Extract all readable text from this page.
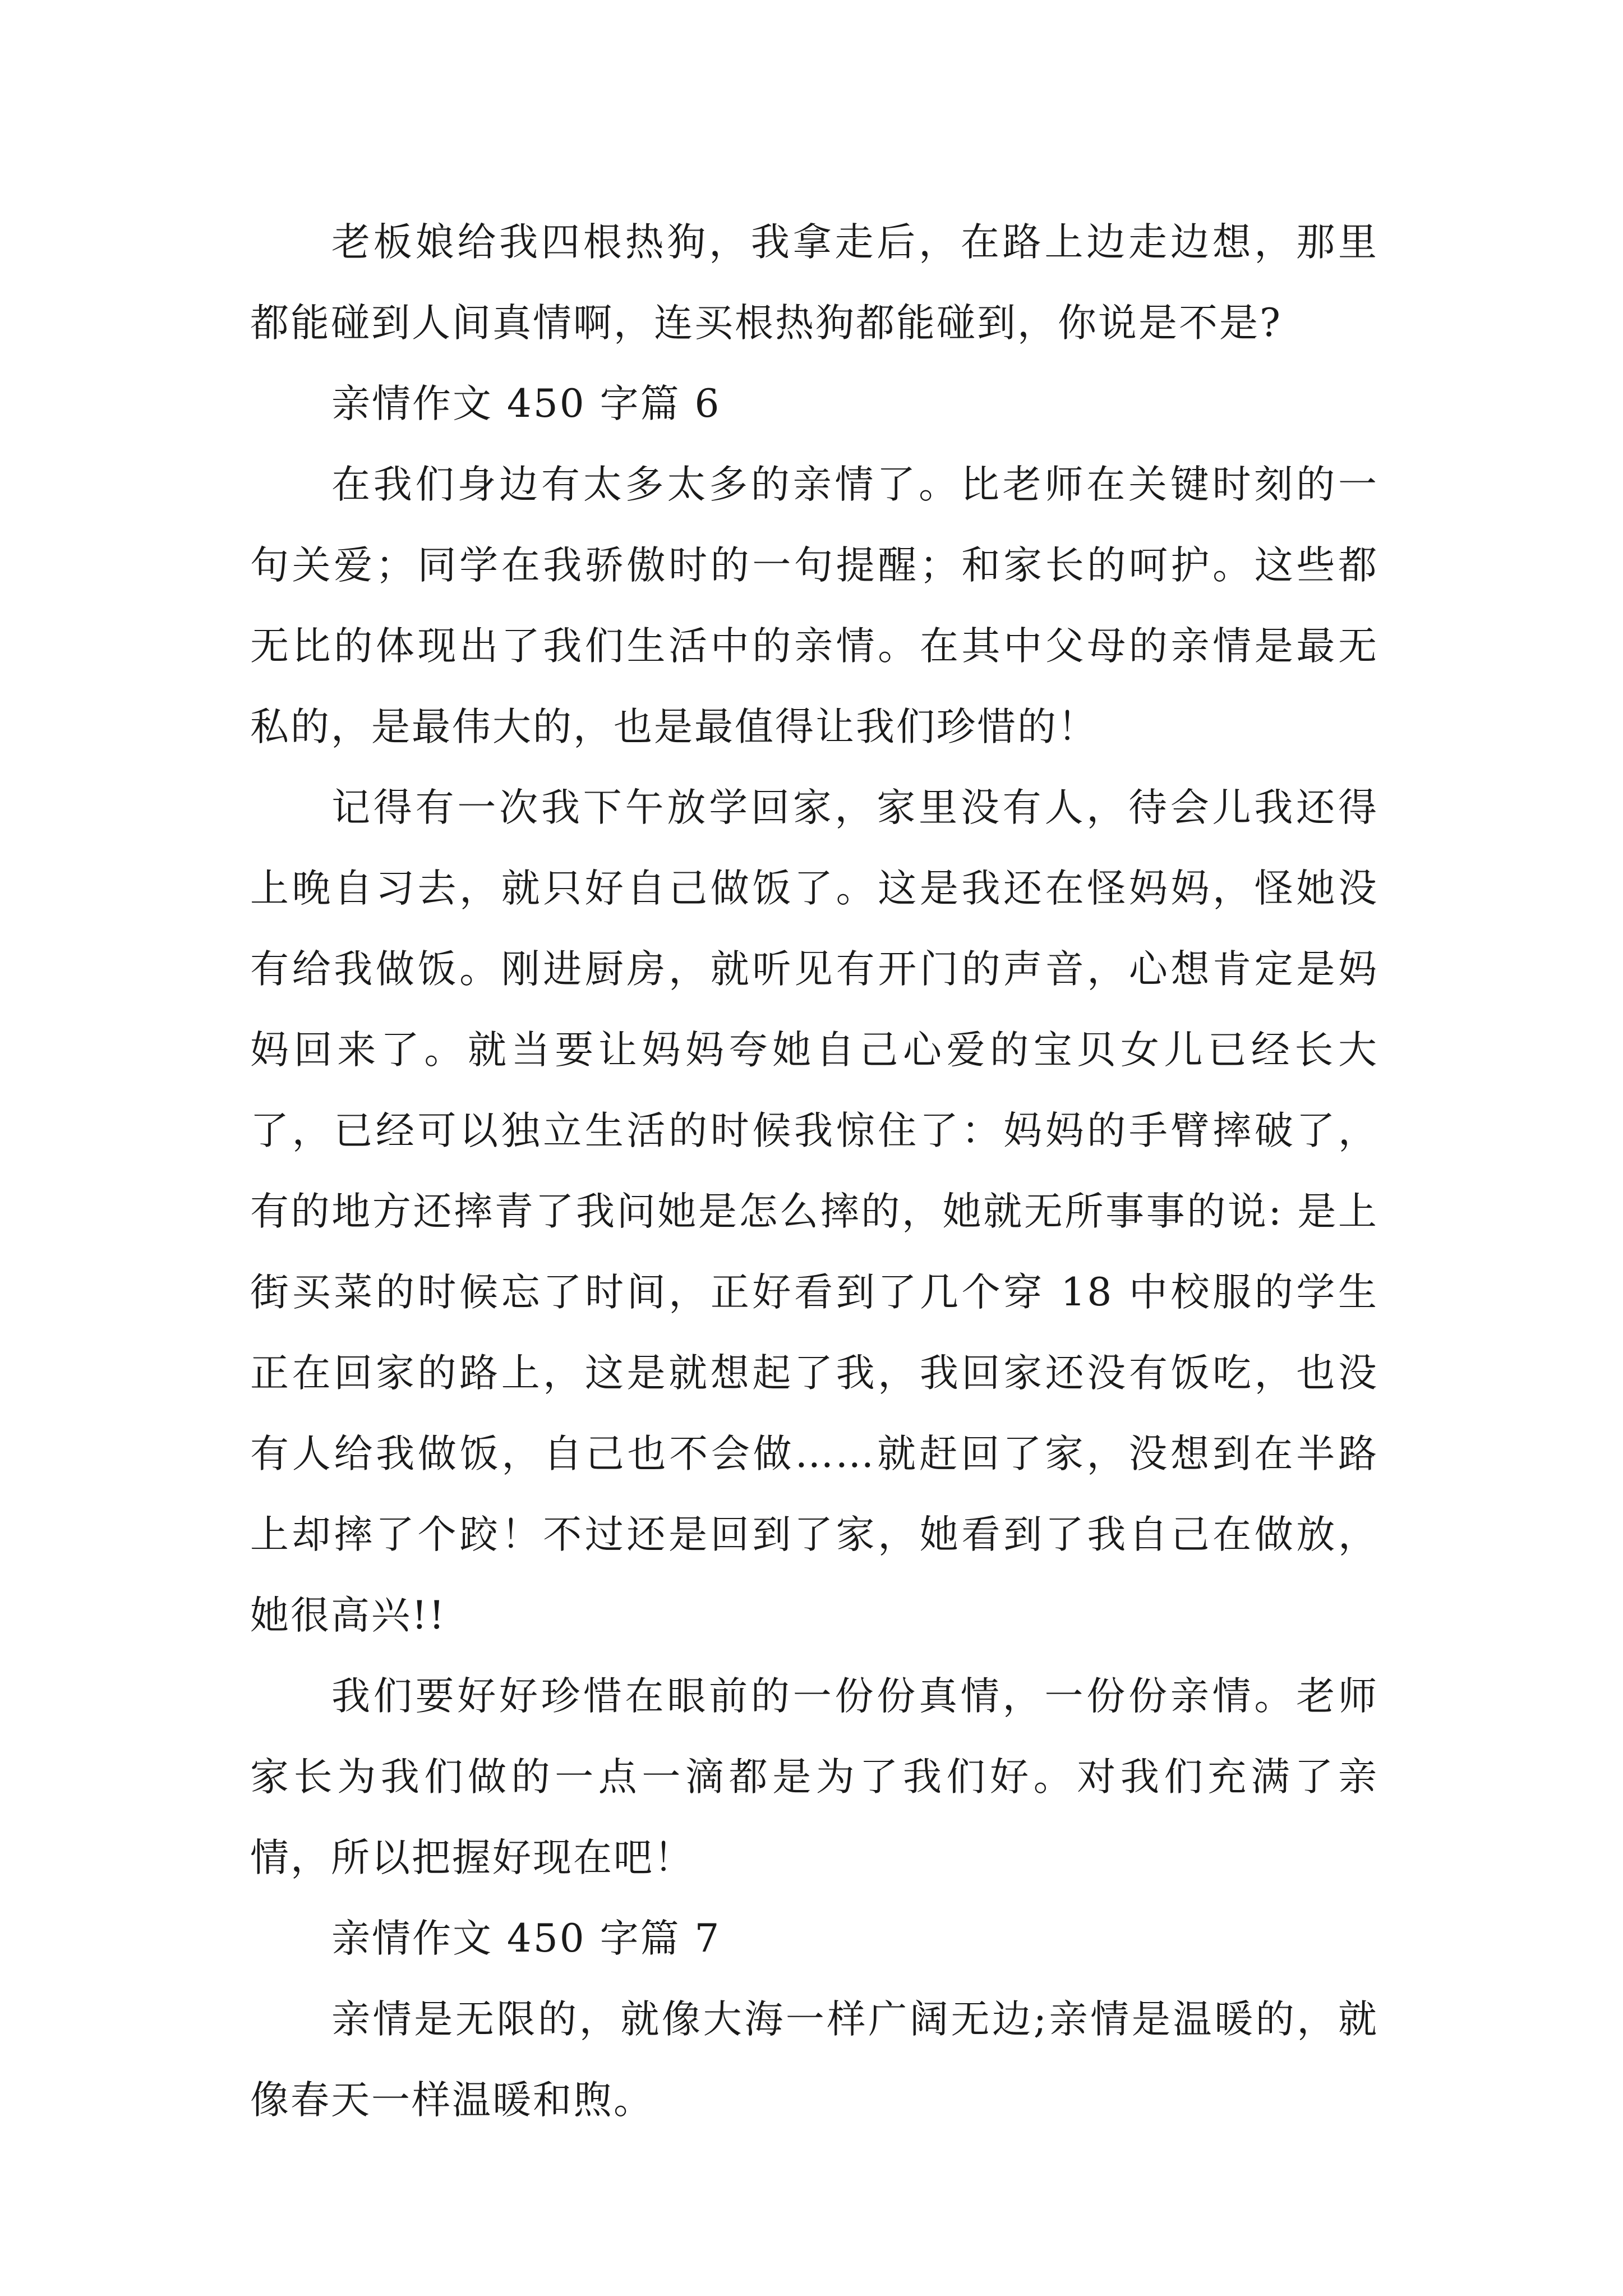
老板娘给我四根热狗，我拿走后，在路上边走边想，那里都能碰到人间真情啊，连买根热狗都能碰到，你说是不是?

亲情作文 450 字篇 6

在我们身边有太多太多的亲情了。比老师在关键时刻的一句关爱；同学在我骄傲时的一句提醒；和家长的呵护。这些都无比的体现出了我们生活中的亲情。在其中父母的亲情是最无私的，是最伟大的，也是最值得让我们珍惜的！

记得有一次我下午放学回家，家里没有人，待会儿我还得上晚自习去，就只好自己做饭了。这是我还在怪妈妈，怪她没有给我做饭。刚进厨房，就听见有开门的声音，心想肯定是妈妈回来了。就当要让妈妈夸她自己心爱的宝贝女儿已经长大了，已经可以独立生活的时候我惊住了：妈妈的手臂摔破了，有的地方还摔青了我问她是怎么摔的，她就无所事事的说: 是上街买菜的时候忘了时间，正好看到了几个穿 18 中校服的学生正在回家的路上，这是就想起了我，我回家还没有饭吃，也没有人给我做饭，自己也不会做……就赶回了家，没想到在半路上却摔了个跤！不过还是回到了家，她看到了我自己在做放，她很高兴!!

我们要好好珍惜在眼前的一份份真情，一份份亲情。老师家长为我们做的一点一滴都是为了我们好。对我们充满了亲情，所以把握好现在吧！

亲情作文 450 字篇 7

亲情是无限的，就像大海一样广阔无边;亲情是温暖的，就像春天一样温暖和煦。
